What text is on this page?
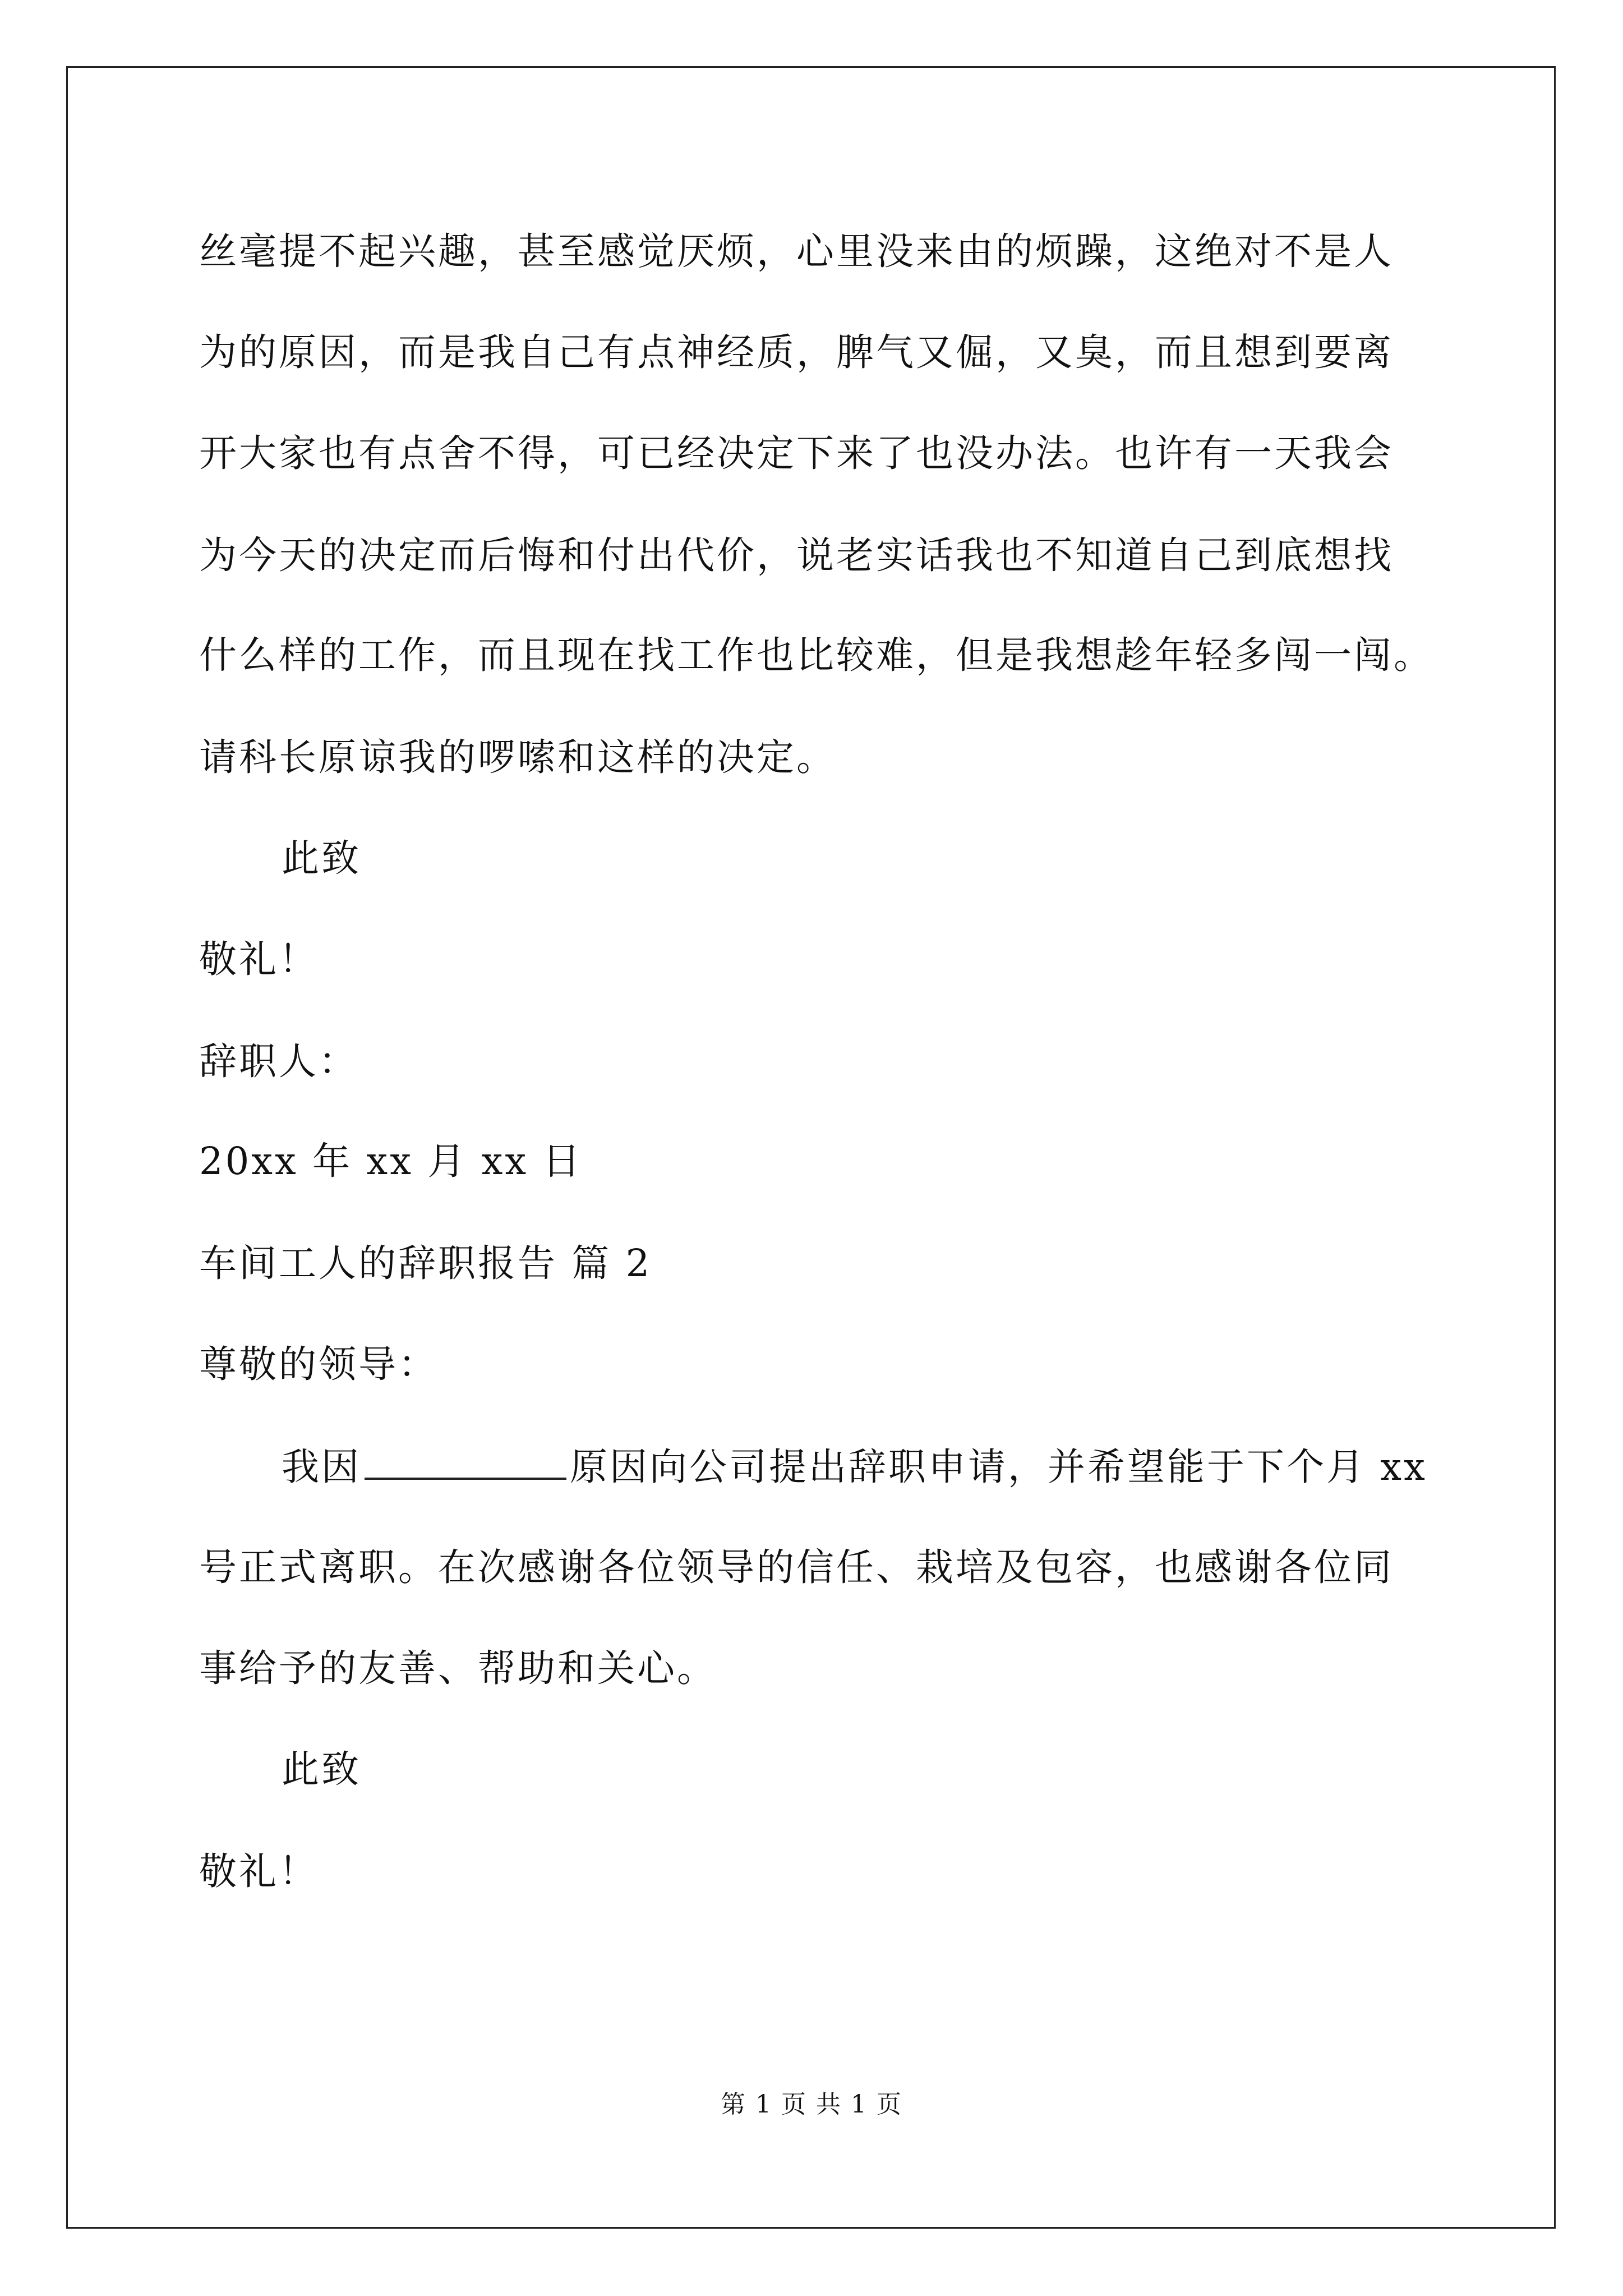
丝毫提不起兴趣，甚至感觉厌烦，心里没来由的烦躁，这绝对不是人
为的原因，而是我自己有点神经质，脾气又倔，又臭，而且想到要离
开大家也有点舍不得，可已经决定下来了也没办法。也许有一天我会
为今天的决定而后悔和付出代价，说老实话我也不知道自己到底想找
什么样的工作，而且现在找工作也比较难，但是我想趁年轻多闯一闯。
请科长原谅我的啰嗦和这样的决定。
此致
敬礼！
辞职人：
20xx 年 xx 月 xx 日
车间工人的辞职报告 篇 2
尊敬的领导：
我因	原因向公司提出辞职申请，并希望能于下个月 xx
号正式离职。在次感谢各位领导的信任、栽培及包容，也感谢各位同
事给予的友善、帮助和关心。
此致
敬礼！
第 1 页 共 1 页
